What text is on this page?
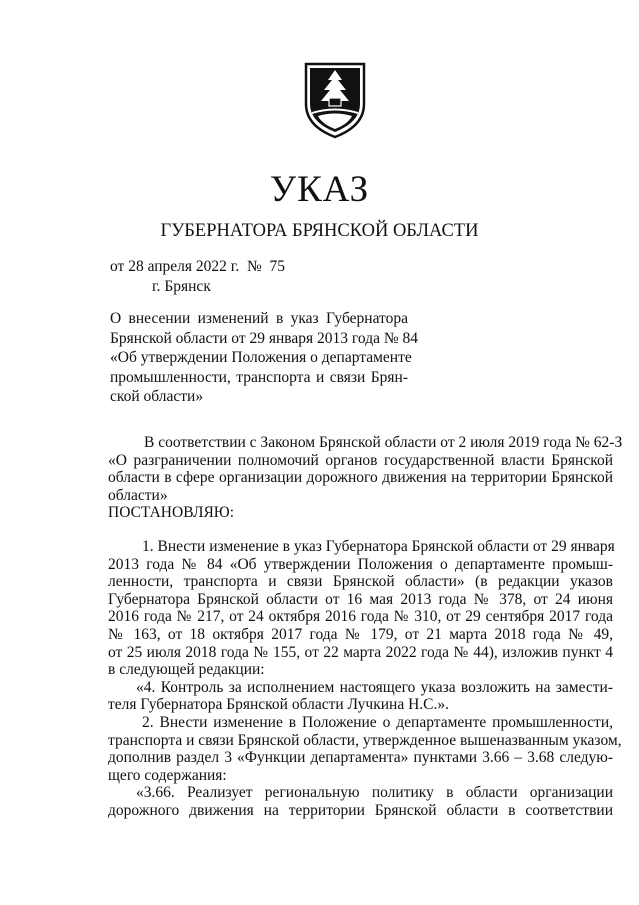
УКАЗ
ГУБЕРНАТОРА БРЯНСКОЙ ОБЛАСТИ
от 28 апреля 2022 г.  №  75
г. Брянск
О внесении изменений в указ Губернатора
Брянской области от 29 января 2013 года № 84
«Об утверждении Положения о департаменте
промышленности, транспорта и связи Брян-
ской области»
В соответствии с Законом Брянской области от 2 июля 2019 года № 62-З
«О разграничении полномочий органов государственной власти Брянской
области в сфере организации дорожного движения на территории Брянской
области»
ПОСТАНОВЛЯЮ:
1. Внести изменение в указ Губернатора Брянской области от 29 января
2013 года № 84 «Об утверждении Положения о департаменте промыш-
ленности, транспорта и связи Брянской области» (в редакции указов
Губернатора Брянской области от 16 мая 2013 года № 378, от 24 июня
2016 года № 217, от 24 октября 2016 года № 310, от 29 сентября 2017 года
№ 163, от 18 октября 2017 года № 179, от 21 марта 2018 года № 49,
от 25 июля 2018 года № 155, от 22 марта 2022 года № 44), изложив пункт 4
в следующей редакции:
«4. Контроль за исполнением настоящего указа возложить на замести-
теля Губернатора Брянской области Лучкина Н.С.».
2. Внести изменение в Положение о департаменте промышленности,
транспорта и связи Брянской области, утвержденное вышеназванным указом,
дополнив раздел 3 «Функции департамента» пунктами 3.66 – 3.68 следую-
щего содержания:
«3.66. Реализует региональную политику в области организации
дорожного движения на территории Брянской области в соответствии
